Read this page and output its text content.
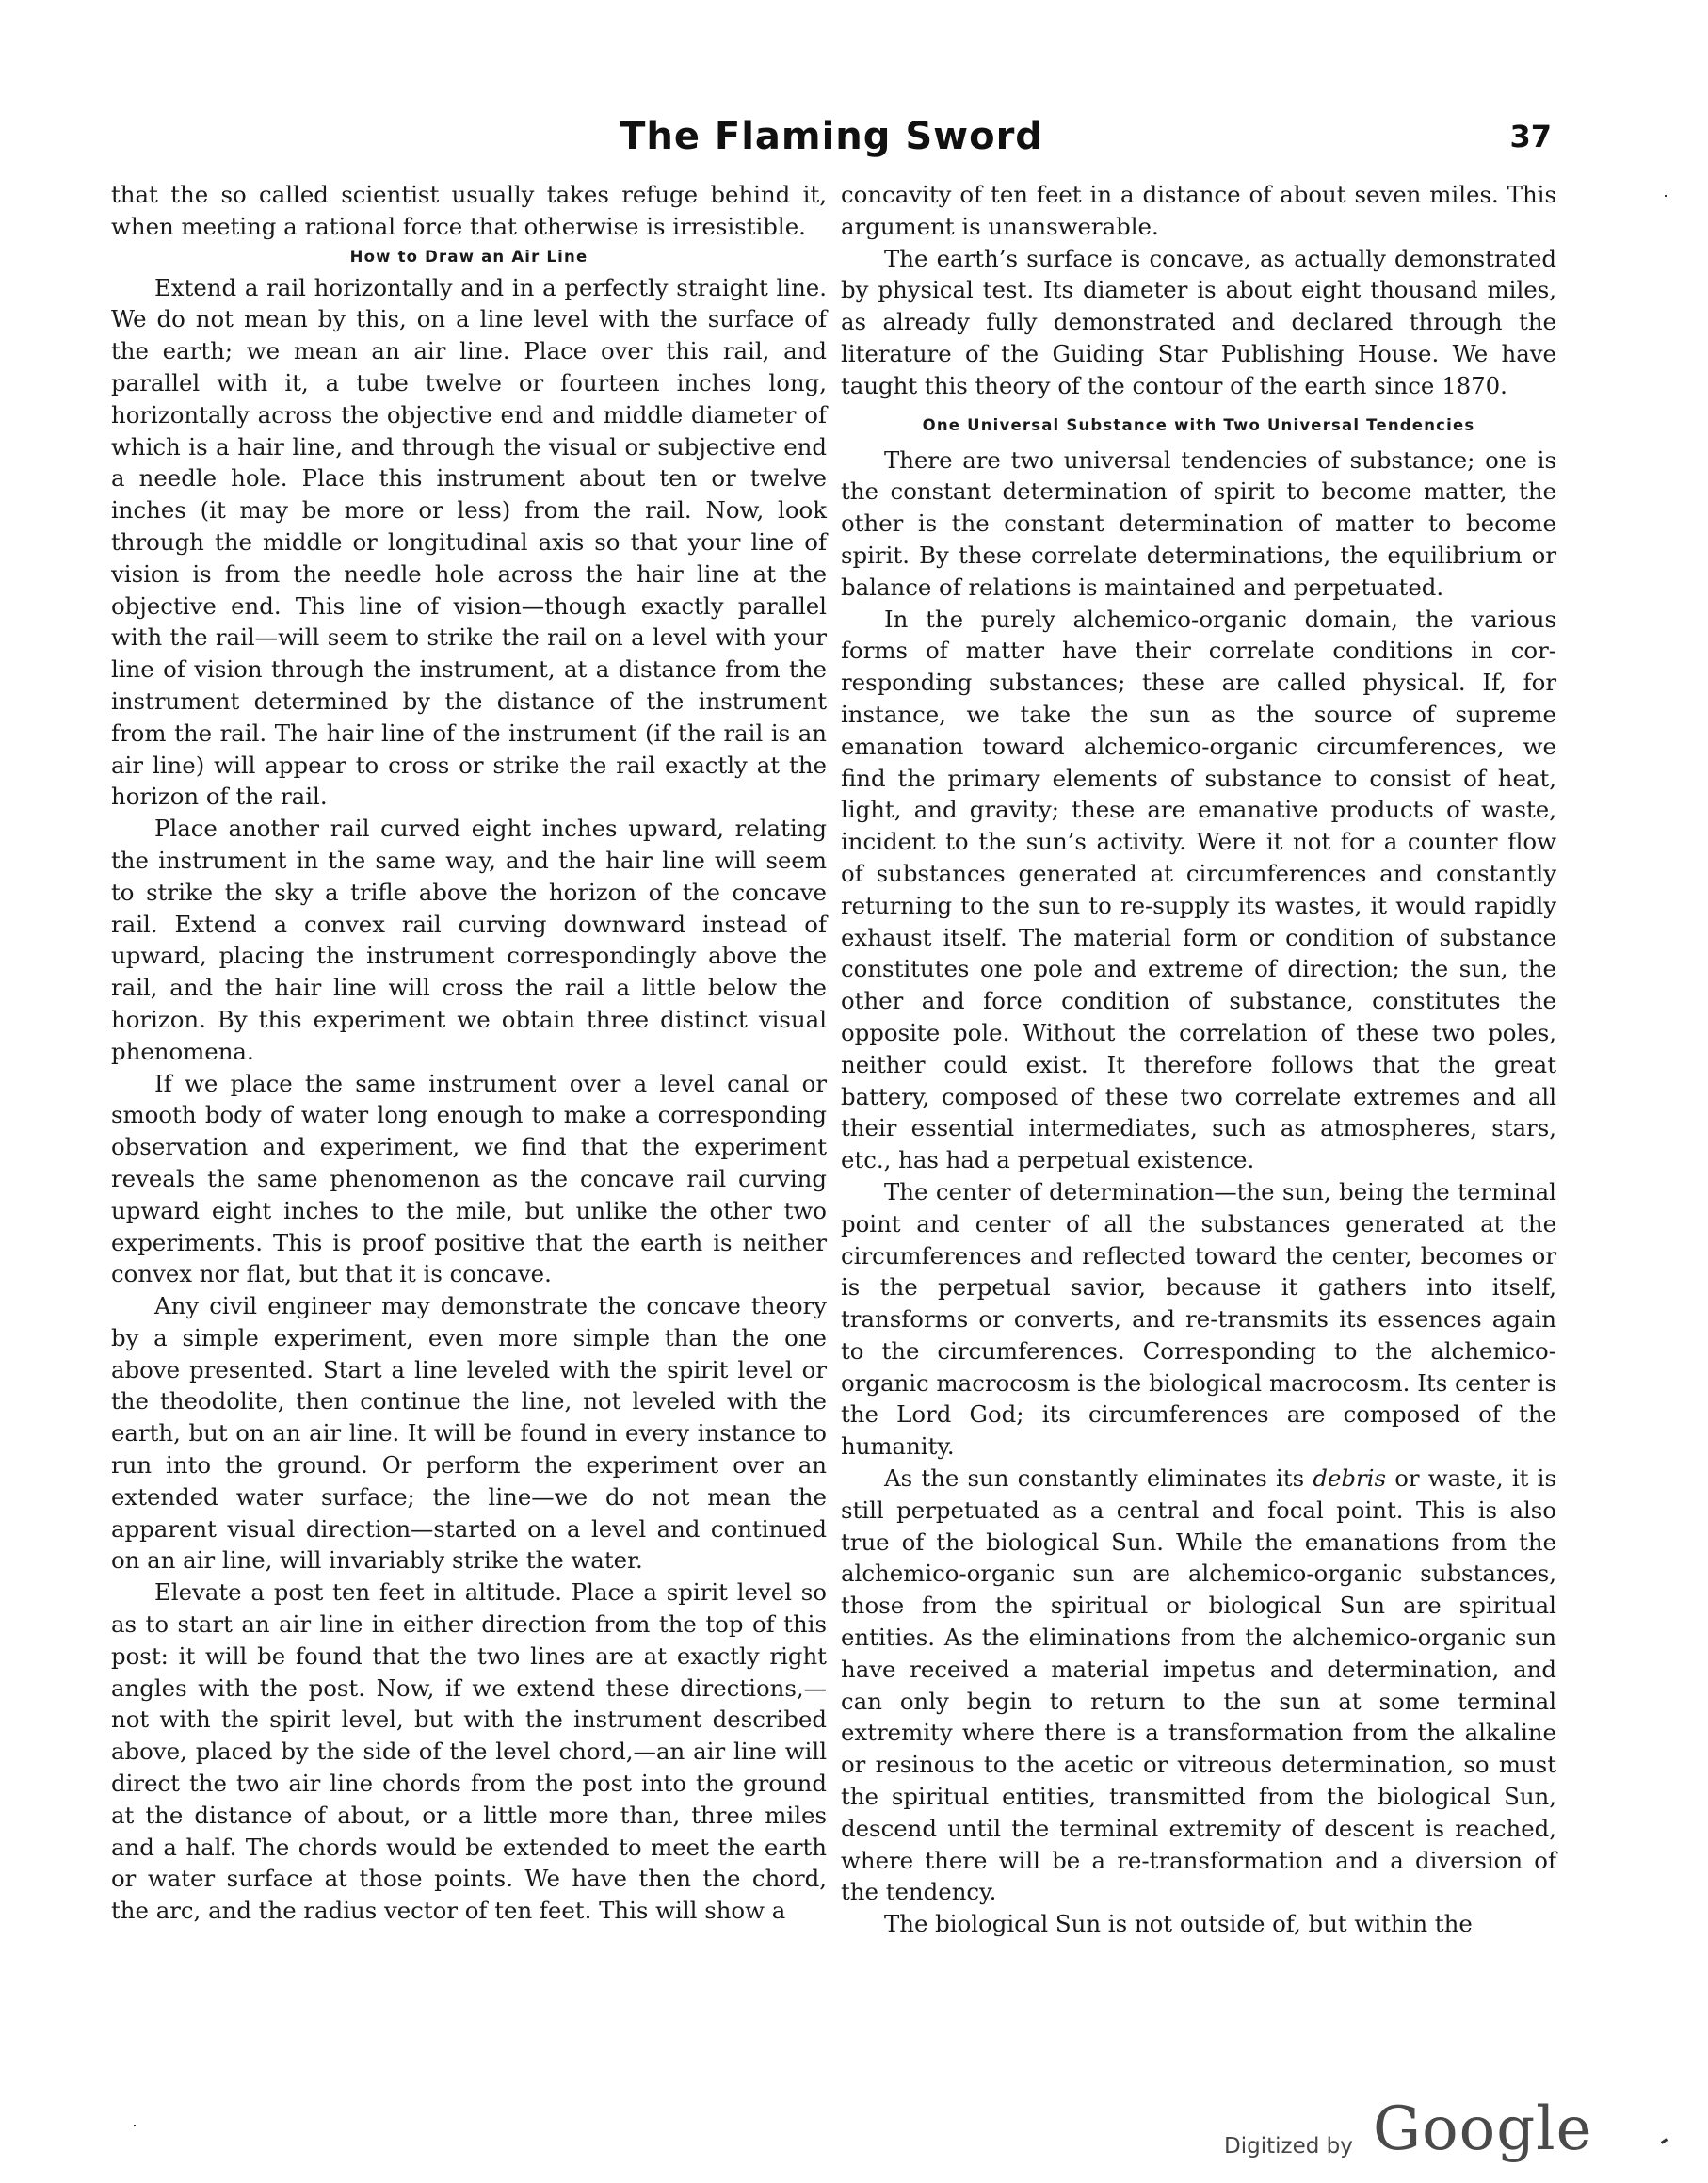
The Flaming Sword	37

that the so called scientist usually takes refuge behind it, when meeting a rational force that otherwise is irresistible.

How to Draw an Air Line

Extend a rail horizontally and in a perfectly straight line. We do not mean by this, on a line level with the surface of the earth; we mean an air line. Place over this rail, and parallel with it, a tube twelve or fourteen inches long, horizontally across the objective end and middle diameter of which is a hair line, and through the visual or subjective end a needle hole. Place this instrument about ten or twelve inches (it may be more or less) from the rail. Now, look through the middle or longitudinal axis so that your line of vision is from the needle hole across the hair line at the objective end. This line of vision—though exactly parallel with the rail—will seem to strike the rail on a level with your line of vision through the instrument, at a distance from the instrument determined by the distance of the instrument from the rail. The hair line of the instrument (if the rail is an air line) will appear to cross or strike the rail exactly at the horizon of the rail.

Place another rail curved eight inches upward, relating the instrument in the same way, and the hair line will seem to strike the sky a trifle above the horizon of the concave rail. Extend a convex rail curving downward instead of upward, placing the instrument correspondingly above the rail, and the hair line will cross the rail a little below the horizon. By this experiment we obtain three distinct visual phenomena.

If we place the same instrument over a level canal or smooth body of water long enough to make a corresponding observation and experiment, we find that the experiment reveals the same phenomenon as the concave rail curving upward eight inches to the mile, but unlike the other two experiments. This is proof positive that the earth is neither convex nor flat, but that it is concave.

Any civil engineer may demonstrate the concave theory by a simple experiment, even more simple than the one above presented. Start a line leveled with the spirit level or the theodolite, then continue the line, not leveled with the earth, but on an air line. It will be found in every instance to run into the ground. Or perform the experiment over an extended water surface; the line—we do not mean the apparent visual direction—started on a level and continued on an air line, will invariably strike the water.

Elevate a post ten feet in altitude. Place a spirit level so as to start an air line in either direction from the top of this post: it will be found that the two lines are at exactly right angles with the post. Now, if we extend these directions,—not with the spirit level, but with the instrument described above, placed by the side of the level chord,—an air line will direct the two air line chords from the post into the ground at the distance of about, or a little more than, three miles and a half. The chords would be extended to meet the earth or water surface at those points. We have then the chord, the arc, and the radius vector of ten feet. This will show a

concavity of ten feet in a distance of about seven miles. This argument is unanswerable.

The earth’s surface is concave, as actually demonstrated by physical test. Its diameter is about eight thousand miles, as already fully demonstrated and declared through the literature of the Guiding Star Publishing House. We have taught this theory of the contour of the earth since 1870.

One Universal Substance with Two Universal Tendencies

There are two universal tendencies of substance; one is the constant determination of spirit to become matter, the other is the constant determination of matter to become spirit. By these correlate determinations, the equilibrium or balance of relations is maintained and perpetuated.

In the purely alchemico-organic domain, the various forms of matter have their correlate conditions in corresponding substances; these are called physical. If, for instance, we take the sun as the source of supreme emanation toward alchemico-organic circumferences, we find the primary elements of substance to consist of heat, light, and gravity; these are emanative products of waste, incident to the sun’s activity. Were it not for a counter flow of substances generated at circumferences and constantly returning to the sun to re-supply its wastes, it would rapidly exhaust itself. The material form or condition of substance constitutes one pole and extreme of direction; the sun, the other and force condition of substance, constitutes the opposite pole. Without the correlation of these two poles, neither could exist. It therefore follows that the great battery, composed of these two correlate extremes and all their essential intermediates, such as atmospheres, stars, etc., has had a perpetual existence.

The center of determination—the sun, being the terminal point and center of all the substances generated at the circumferences and reflected toward the center, becomes or is the perpetual savior, because it gathers into itself, transforms or converts, and re-transmits its essences again to the circumferences. Corresponding to the alchemico-organic macrocosm is the biological macrocosm. Its center is the Lord God; its circumferences are composed of the humanity.

As the sun constantly eliminates its debris or waste, it is still perpetuated as a central and focal point. This is also true of the biological Sun. While the emanations from the alchemico-organic sun are alchemico-organic substances, those from the spiritual or biological Sun are spiritual entities. As the eliminations from the alchemico-organic sun have received a material impetus and determination, and can only begin to return to the sun at some terminal extremity where there is a transformation from the alkaline or resinous to the acetic or vitreous determination, so must the spiritual entities, transmitted from the biological Sun, descend until the terminal extremity of descent is reached, where there will be a re-transformation and a diversion of the tendency.

The biological Sun is not outside of, but within the

Digitized by Google
